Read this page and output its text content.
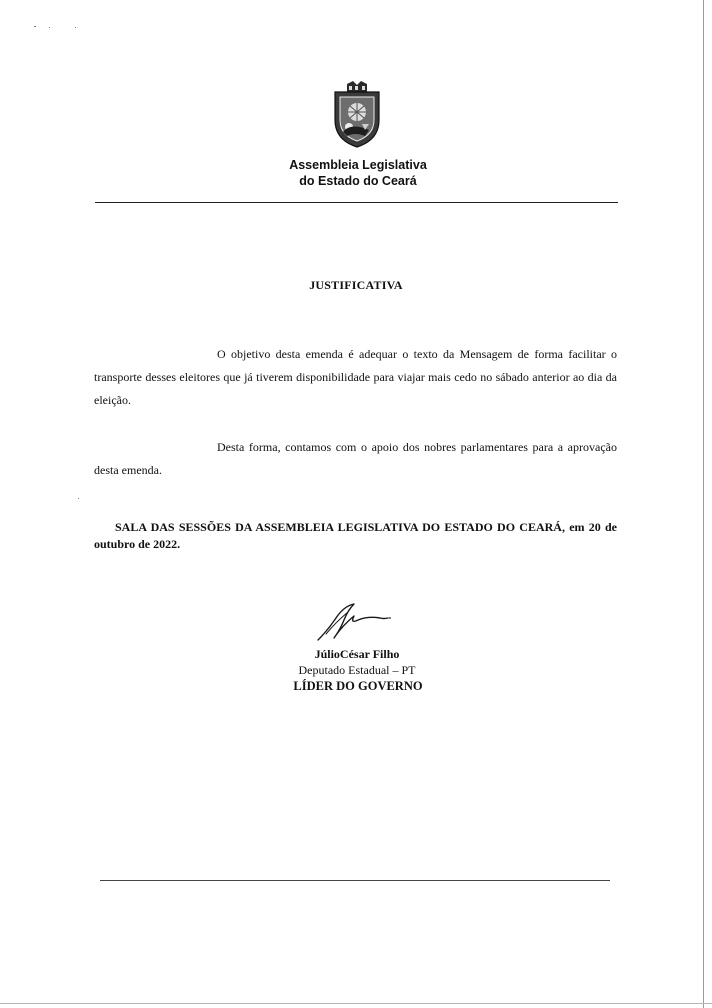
Assembleia Legislativa
do Estado do Ceará
JUSTIFICATIVA

O objetivo desta emenda é adequar o texto da Mensagem de forma facilitar o transporte desses eleitores que já tiverem disponibilidade para viajar mais cedo no sábado anterior ao dia da eleição.

Desta forma, contamos com o apoio dos nobres parlamentares para a aprovação desta emenda.

SALA DAS SESSÕES DA ASSEMBLEIA LEGISLATIVA DO ESTADO DO CEARÁ, em 20 de outubro de 2022.

JúlioCésar Filho
Deputado Estadual – PT
LÍDER DO GOVERNO
